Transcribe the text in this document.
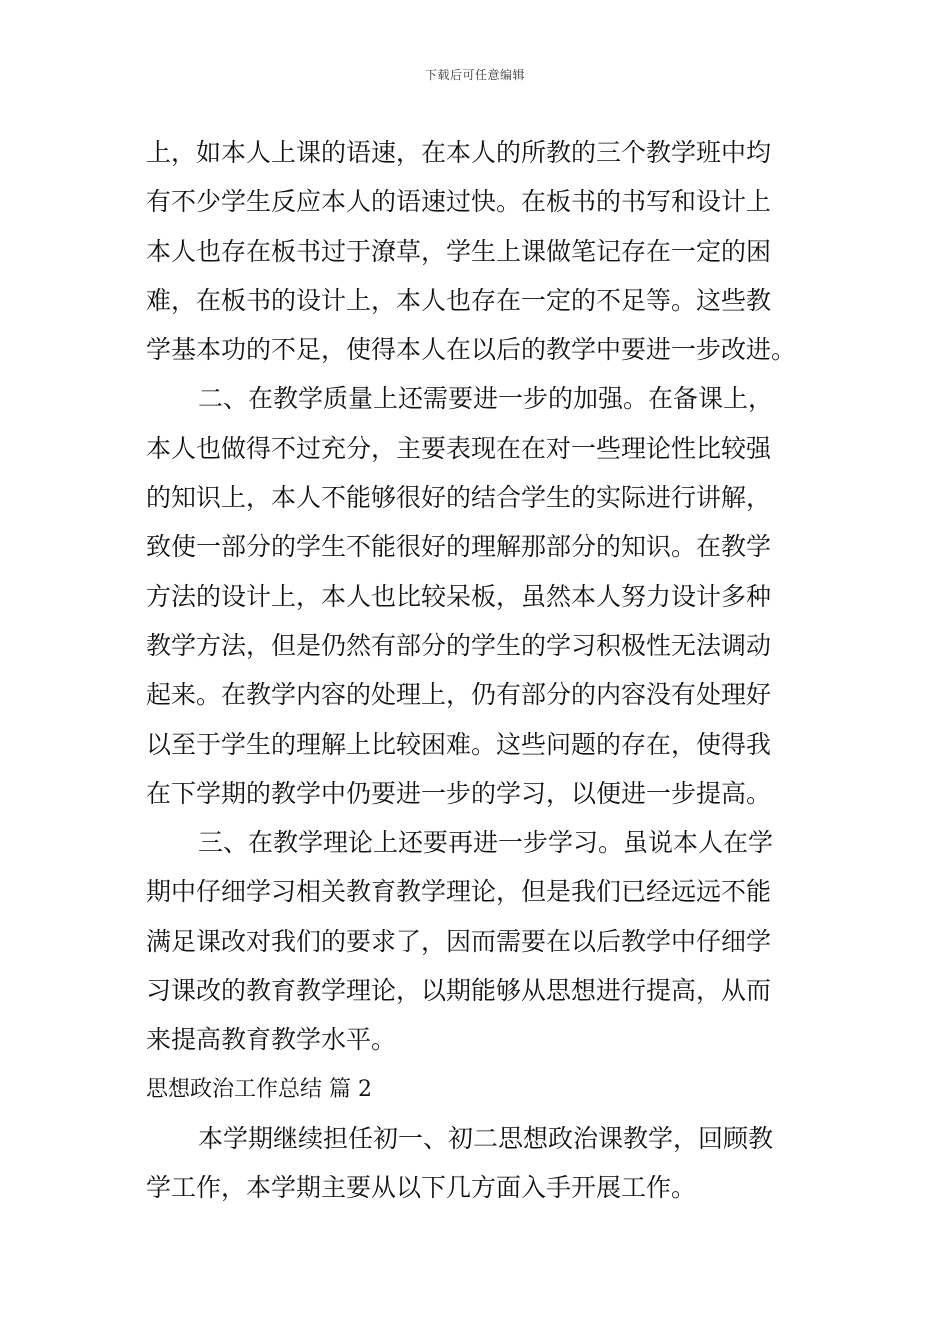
下载后可任意编辑
上，如本人上课的语速，在本人的所教的三个教学班中均
有不少学生反应本人的语速过快。在板书的书写和设计上
本人也存在板书过于潦草，学生上课做笔记存在一定的困
难，在板书的设计上，本人也存在一定的不足等。这些教
学基本功的不足，使得本人在以后的教学中要进一步改进。
二、在教学质量上还需要进一步的加强。在备课上，
本人也做得不过充分，主要表现在在对一些理论性比较强
的知识上，本人不能够很好的结合学生的实际进行讲解，
致使一部分的学生不能很好的理解那部分的知识。在教学
方法的设计上，本人也比较呆板，虽然本人努力设计多种
教学方法，但是仍然有部分的学生的学习积极性无法调动
起来。在教学内容的处理上，仍有部分的内容没有处理好
以至于学生的理解上比较困难。这些问题的存在，使得我
在下学期的教学中仍要进一步的学习，以便进一步提高。
三、在教学理论上还要再进一步学习。虽说本人在学
期中仔细学习相关教育教学理论，但是我们已经远远不能
满足课改对我们的要求了，因而需要在以后教学中仔细学
习课改的教育教学理论，以期能够从思想进行提高，从而
来提高教育教学水平。
思想政治工作总结 篇 2
本学期继续担任初一、初二思想政治课教学，回顾教
学工作，本学期主要从以下几方面入手开展工作。
